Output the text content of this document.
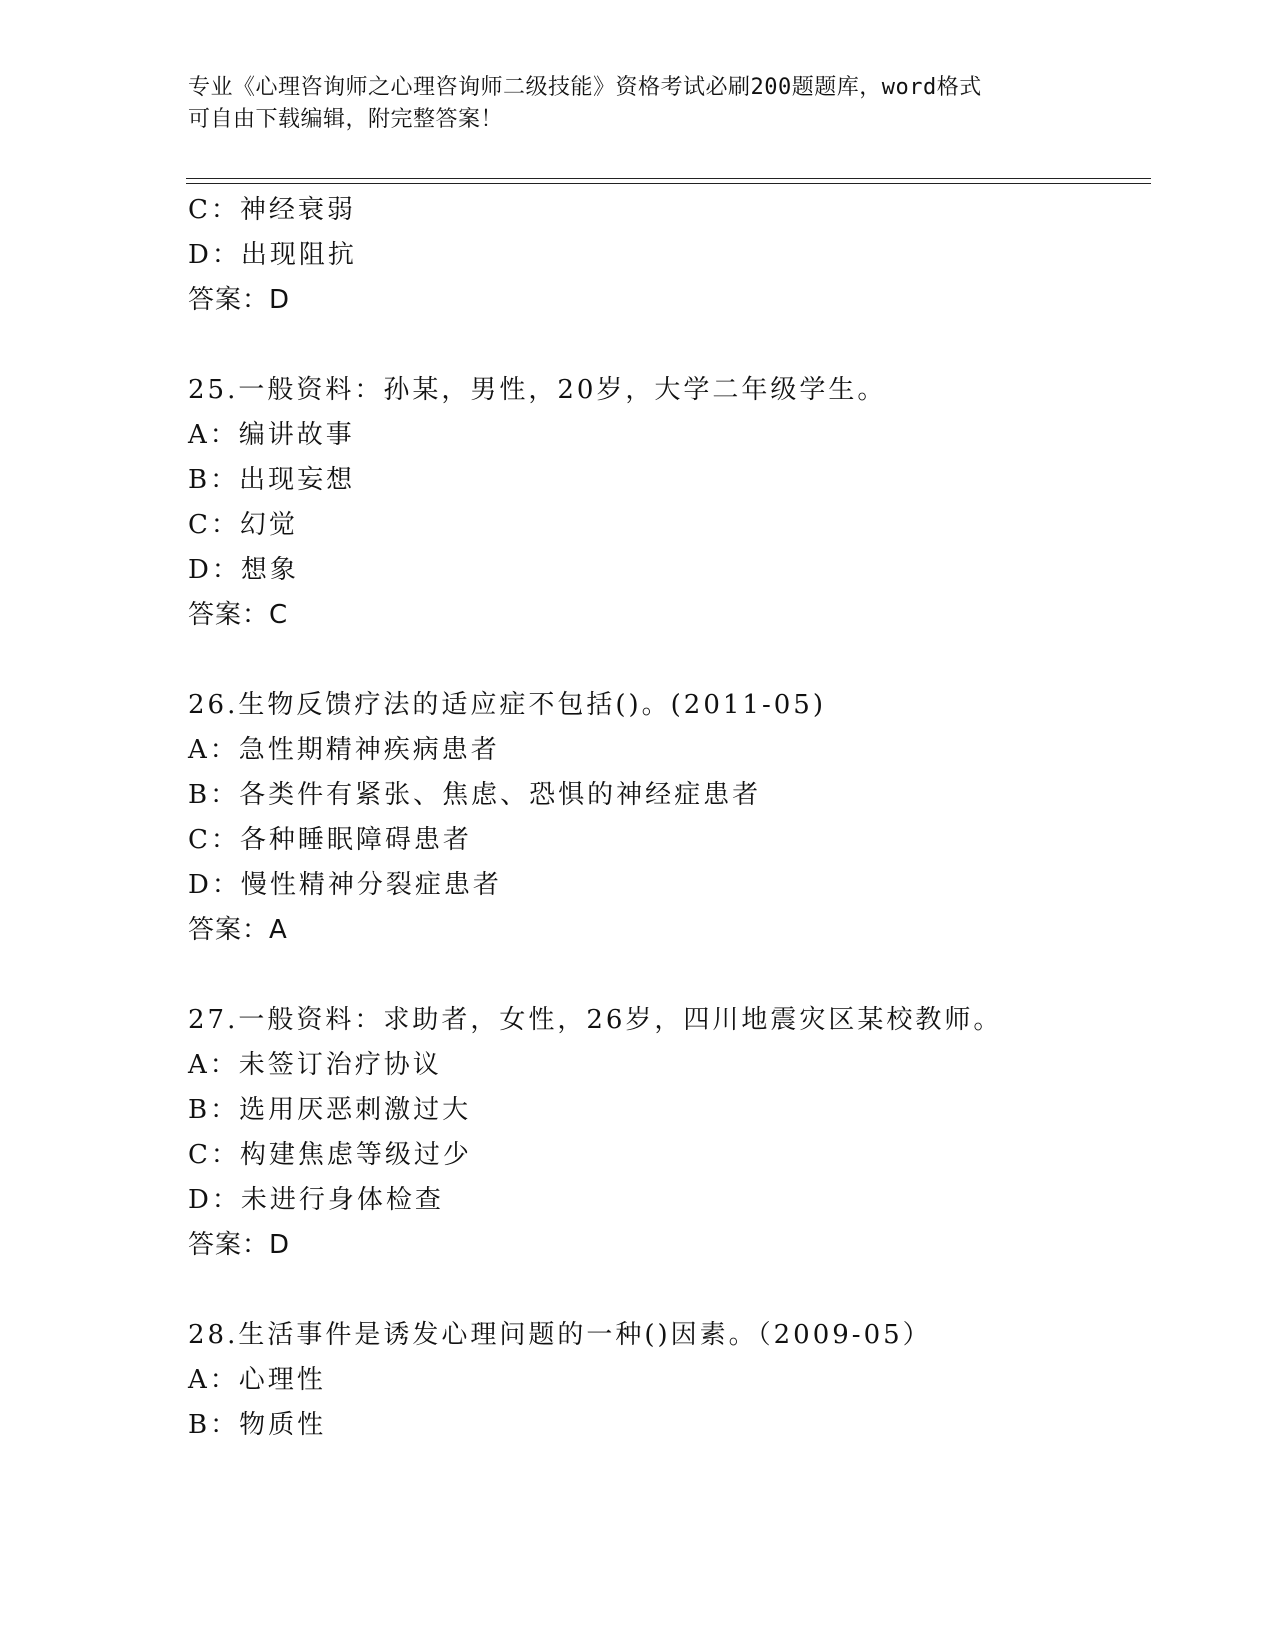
专业《心理咨询师之心理咨询师二级技能》资格考试必刷200题题库，word格式
可自由下载编辑，附完整答案！
C：神经衰弱
D：出现阻抗
答案：D
25.一般资料：孙某，男性，20岁，大学二年级学生。
A：编讲故事
B：出现妄想
C：幻觉
D：想象
答案：C
26.生物反馈疗法的适应症不包括()。(2011-05)
A：急性期精神疾病患者
B：各类件有紧张、焦虑、恐惧的神经症患者
C：各种睡眠障碍患者
D：慢性精神分裂症患者
答案：A
27.一般资料：求助者，女性，26岁，四川地震灾区某校教师。
A：未签订治疗协议
B：选用厌恶刺激过大
C：构建焦虑等级过少
D：未进行身体检查
答案：D
28.生活事件是诱发心理问题的一种()因素。（2009-05）
A：心理性
B：物质性
